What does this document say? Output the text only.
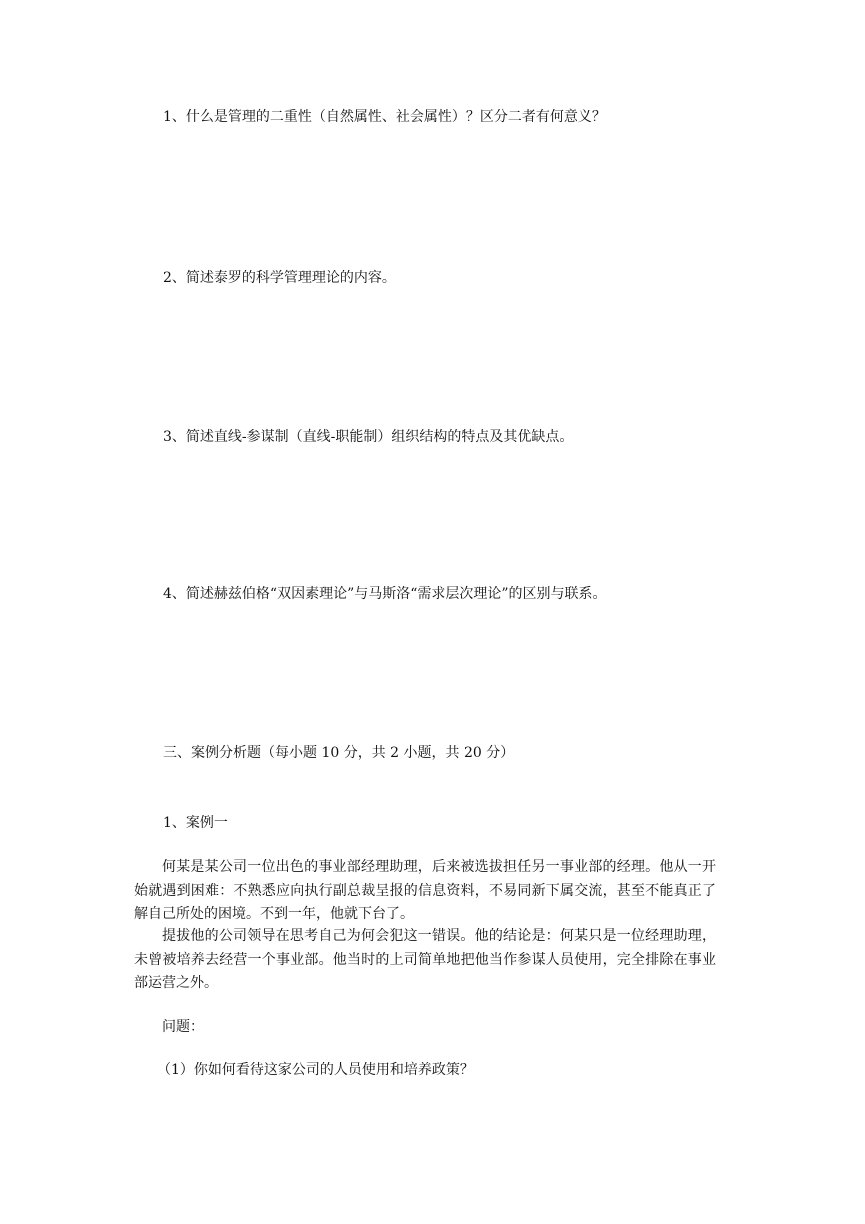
1、什么是管理的二重性（自然属性、社会属性）？区分二者有何意义？
2、简述泰罗的科学管理理论的内容。
3、简述直线-参谋制（直线-职能制）组织结构的特点及其优缺点。
4、简述赫兹伯格“双因素理论”与马斯洛“需求层次理论”的区别与联系。
三、案例分析题（每小题 10 分，共 2 小题，共 20 分）
1、案例一

何某是某公司一位出色的事业部经理助理，后来被选拔担任另一事业部的经理。他从一开始就遇到困难：不熟悉应向执行副总裁呈报的信息资料，不易同新下属交流，甚至不能真正了解自己所处的困境。不到一年，他就下台了。

提拔他的公司领导在思考自己为何会犯这一错误。他的结论是：何某只是一位经理助理，未曾被培养去经营一个事业部。他当时的上司简单地把他当作参谋人员使用，完全排除在事业部运营之外。

问题：
（1）你如何看待这家公司的人员使用和培养政策？
